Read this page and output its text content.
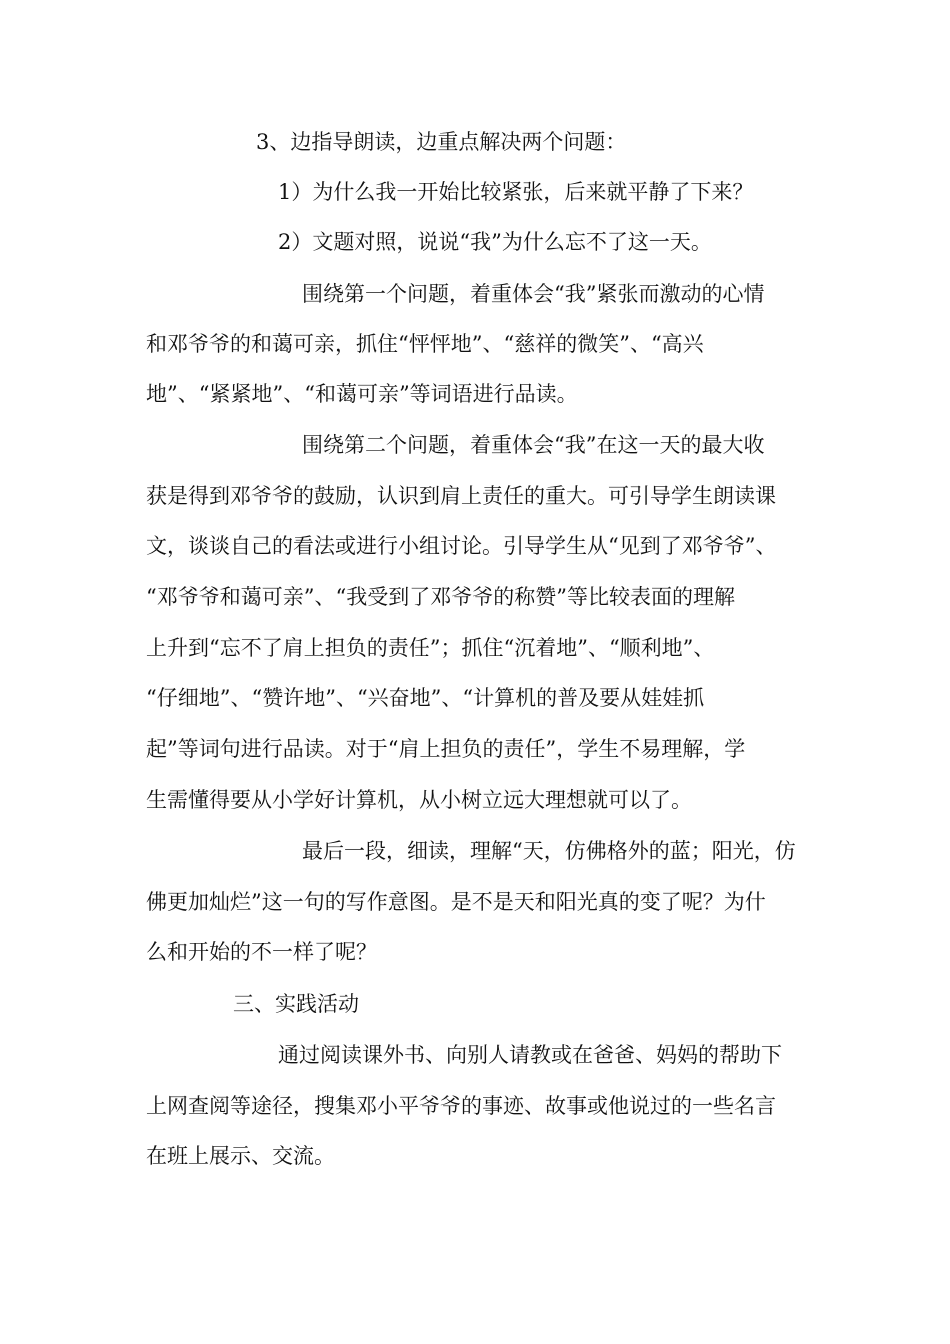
3、边指导朗读，边重点解决两个问题：
1）为什么我一开始比较紧张，后来就平静了下来？
2）文题对照，说说“我”为什么忘不了这一天。
围绕第一个问题，着重体会“我”紧张而激动的心情
和邓爷爷的和蔼可亲，抓住“怦怦地”、“慈祥的微笑”、“高兴
地”、“紧紧地”、“和蔼可亲”等词语进行品读。
围绕第二个问题，着重体会“我”在这一天的最大收
获是得到邓爷爷的鼓励，认识到肩上责任的重大。可引导学生朗读课
文，谈谈自己的看法或进行小组讨论。引导学生从“见到了邓爷爷”、
“邓爷爷和蔼可亲”、“我受到了邓爷爷的称赞”等比较表面的理解
上升到“忘不了肩上担负的责任”；抓住“沉着地”、“顺利地”、
“仔细地”、“赞许地”、“兴奋地”、“计算机的普及要从娃娃抓
起”等词句进行品读。对于“肩上担负的责任”，学生不易理解，学
生需懂得要从小学好计算机，从小树立远大理想就可以了。
最后一段，细读，理解“天，仿佛格外的蓝；阳光，仿
佛更加灿烂”这一句的写作意图。是不是天和阳光真的变了呢？为什
么和开始的不一样了呢？
三、实践活动
通过阅读课外书、向别人请教或在爸爸、妈妈的帮助下
上网查阅等途径，搜集邓小平爷爷的事迹、故事或他说过的一些名言
在班上展示、交流。
